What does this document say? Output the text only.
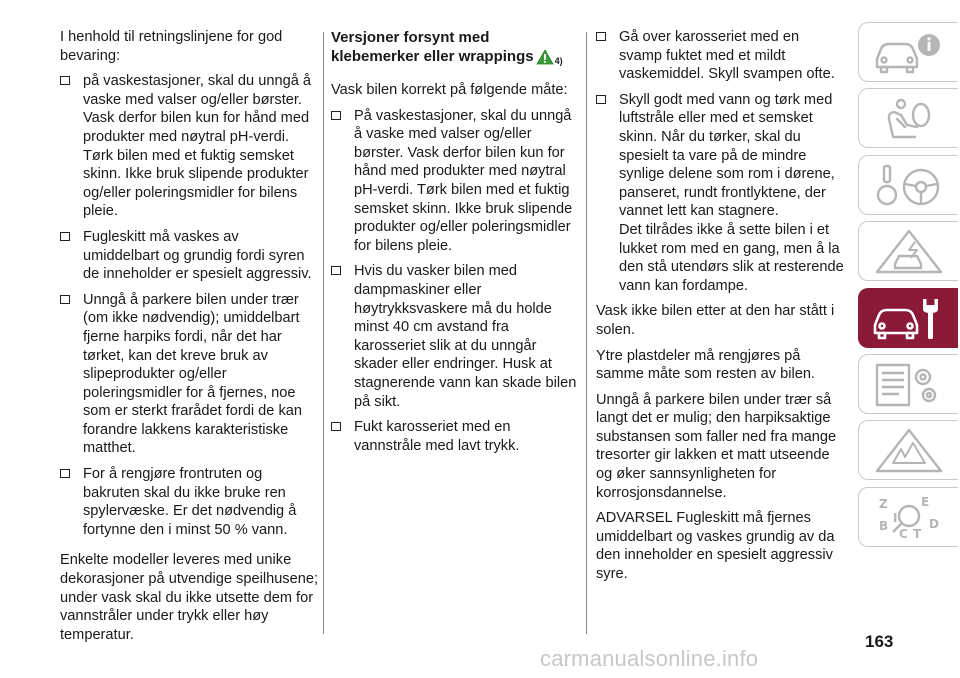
I henhold til retningslinjene for god bevaring:

på vaskestasjoner, skal du unngå å vaske med valser og/eller børster. Vask derfor bilen kun for hånd med produkter med nøytral pH-verdi. Tørk bilen med et fuktig semsket skinn. Ikke bruk slipende produkter og/eller poleringsmidler for bilens pleie.
Fugleskitt må vaskes av umiddelbart og grundig fordi syren de inneholder er spesielt aggressiv.
Unngå å parkere bilen under trær (om ikke nødvendig); umiddelbart fjerne harpiks fordi, når det har tørket, kan det kreve bruk av slipeprodukter og/eller poleringsmidler for å fjernes, noe som er sterkt frarådet fordi de kan forandre lakkens karakteristiske matthet.
For å rengjøre frontruten og bakruten skal du ikke bruke ren spylervæske. Er det nødvendig å fortynne den i minst 50 % vann.

Enkelte modeller leveres med unike dekorasjoner på utvendige speilhusene; under vask skal du ikke utsette dem for vannstråler under trykk eller høy temperatur.

Versjoner forsynt med klebemerker eller wrappings $_{4)}$

Vask bilen korrekt på følgende måte:

På vaskestasjoner, skal du unngå å vaske med valser og/eller børster. Vask derfor bilen kun for hånd med produkter med nøytral pH-verdi. Tørk bilen med et fuktig semsket skinn. Ikke bruk slipende produkter og/eller poleringsmidler for bilens pleie.
Hvis du vasker bilen med dampmaskiner eller høytrykksvaskere må du holde minst 40 cm avstand fra karosseriet slik at du unngår skader eller endringer. Husk at stagnerende vann kan skade bilen på sikt.
Fukt karosseriet med en vannstråle med lavt trykk.
Gå over karosseriet med en svamp fuktet med et mildt vaskemiddel. Skyll svampen ofte.
Skyll godt med vann og tørk med luftstråle eller med et semsket skinn. Når du tørker, skal du spesielt ta vare på de mindre synlige delene som rom i dørene, panseret, rundt frontlyktene, der vannet lett kan stagnere.
Det tilrådes ikke å sette bilen i et lukket rom med en gang, men å la den stå utendørs slik at resterende vann kan fordampe.

Vask ikke bilen etter at den har stått i solen.

Ytre plastdeler må rengjøres på samme måte som resten av bilen.

Unngå å parkere bilen under trær så langt det er mulig; den harpiksaktige substansen som faller ned fra mange tresorter gir lakken et matt utseende og øker sannsynligheten for korrosjonsdannelse.

ADVARSEL Fugleskitt må fjernes umiddelbart og vaskes grundig av da den inneholder en spesielt aggressiv syre.

Z	E
B
C T
D
I
163
carmanualsonline.info
